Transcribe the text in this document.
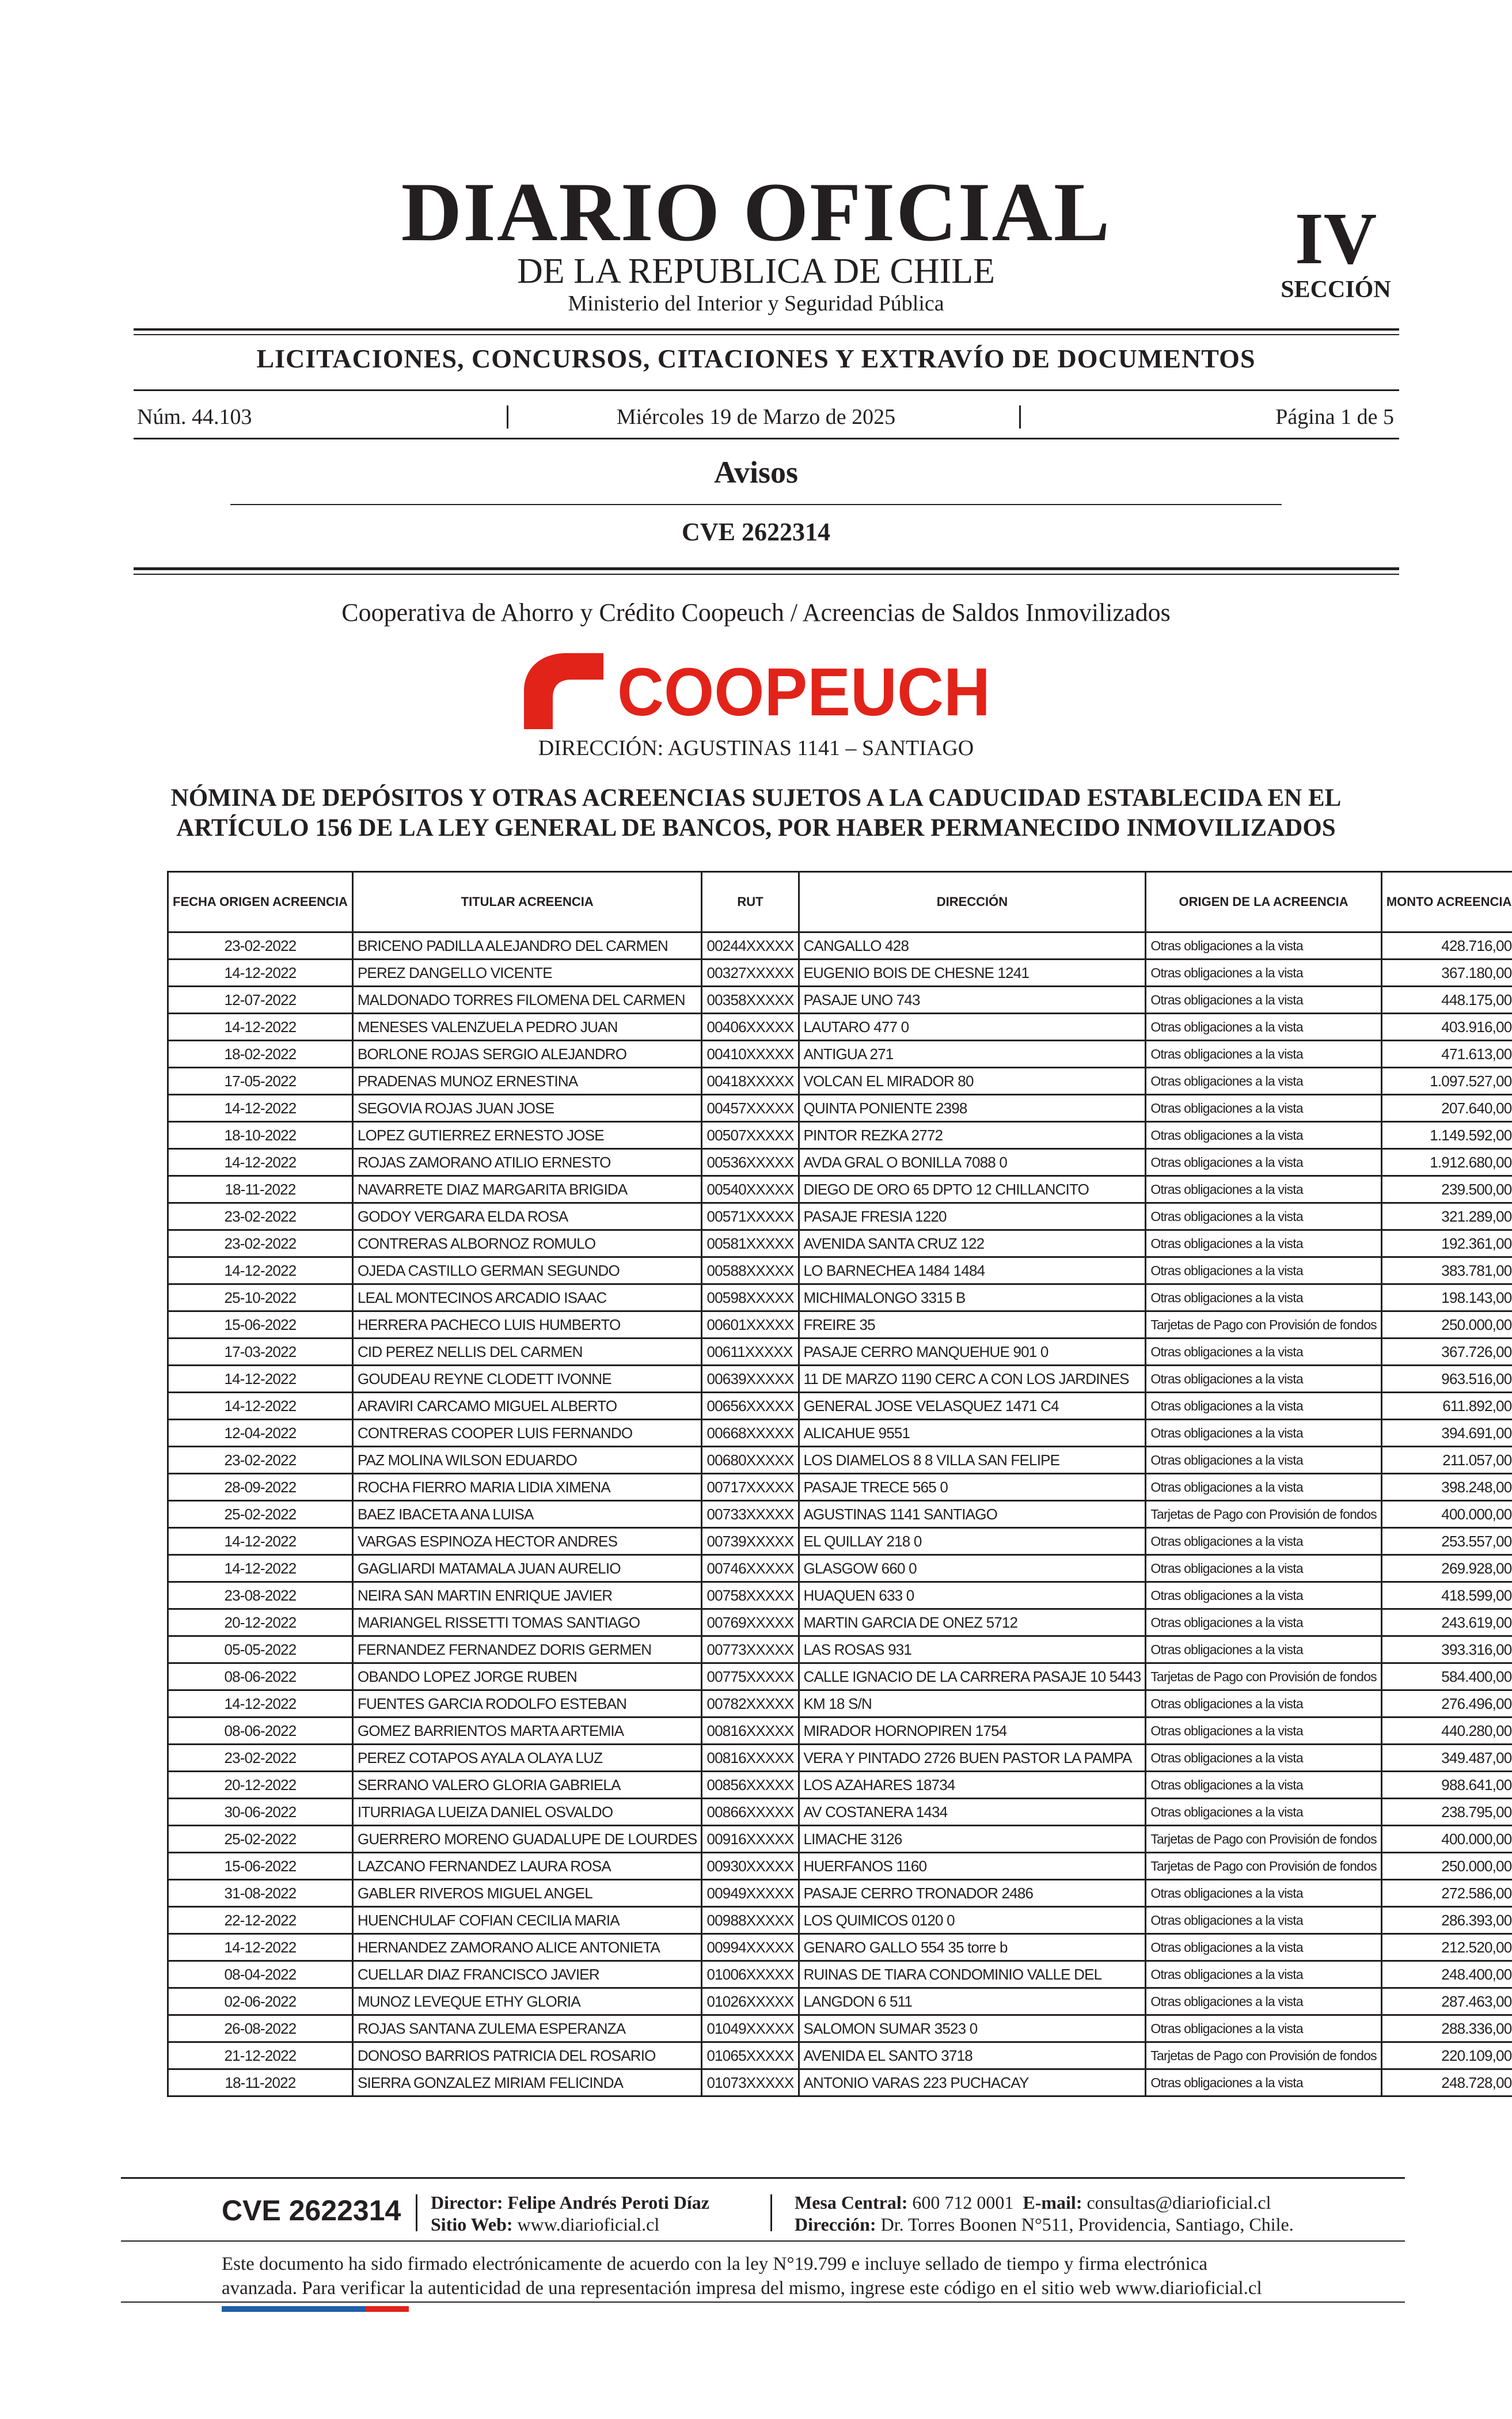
DIARIO OFICIAL
DE LA REPUBLICA DE CHILE
Ministerio del Interior y Seguridad Pública
IV
SECCIÓN
LICITACIONES, CONCURSOS, CITACIONES Y EXTRAVÍO DE DOCUMENTOS
Núm. 44.103	Miércoles 19 de Marzo de 2025	Página 1 de 5
Avisos
CVE 2622314
Cooperativa de Ahorro y Crédito Coopeuch / Acreencias de Saldos Inmovilizados
COOPEUCH
DIRECCIÓN: AGUSTINAS 1141 – SANTIAGO
NÓMINA DE DEPÓSITOS Y OTRAS ACREENCIAS SUJETOS A LA CADUCIDAD ESTABLECIDA EN EL
ARTÍCULO 156 DE LA LEY GENERAL DE BANCOS, POR HABER PERMANECIDO INMOVILIZADOS
FECHA ORIGEN ACREENCIA	TITULAR ACREENCIA	RUT	DIRECCIÓN	ORIGEN DE LA ACREENCIA	MONTO ACREENCIA
23-02-2022	BRICENO PADILLA ALEJANDRO DEL CARMEN	00244XXXXX	CANGALLO 428	Otras obligaciones a la vista	428.716,00
14-12-2022	PEREZ DANGELLO VICENTE	00327XXXXX	EUGENIO BOIS DE CHESNE 1241	Otras obligaciones a la vista	367.180,00
12-07-2022	MALDONADO TORRES FILOMENA DEL CARMEN	00358XXXXX	PASAJE UNO 743	Otras obligaciones a la vista	448.175,00
14-12-2022	MENESES VALENZUELA PEDRO JUAN	00406XXXXX	LAUTARO 477 0	Otras obligaciones a la vista	403.916,00
18-02-2022	BORLONE ROJAS SERGIO ALEJANDRO	00410XXXXX	ANTIGUA 271	Otras obligaciones a la vista	471.613,00
17-05-2022	PRADENAS MUNOZ ERNESTINA	00418XXXXX	VOLCAN EL MIRADOR 80	Otras obligaciones a la vista	1.097.527,00
14-12-2022	SEGOVIA ROJAS JUAN JOSE	00457XXXXX	QUINTA PONIENTE 2398	Otras obligaciones a la vista	207.640,00
18-10-2022	LOPEZ GUTIERREZ ERNESTO JOSE	00507XXXXX	PINTOR REZKA 2772	Otras obligaciones a la vista	1.149.592,00
14-12-2022	ROJAS ZAMORANO ATILIO ERNESTO	00536XXXXX	AVDA GRAL O BONILLA 7088 0	Otras obligaciones a la vista	1.912.680,00
18-11-2022	NAVARRETE DIAZ MARGARITA BRIGIDA	00540XXXXX	DIEGO DE ORO 65 DPTO 12 CHILLANCITO	Otras obligaciones a la vista	239.500,00
23-02-2022	GODOY VERGARA ELDA ROSA	00571XXXXX	PASAJE FRESIA 1220	Otras obligaciones a la vista	321.289,00
23-02-2022	CONTRERAS ALBORNOZ ROMULO	00581XXXXX	AVENIDA SANTA CRUZ 122	Otras obligaciones a la vista	192.361,00
14-12-2022	OJEDA CASTILLO GERMAN SEGUNDO	00588XXXXX	LO BARNECHEA 1484 1484	Otras obligaciones a la vista	383.781,00
25-10-2022	LEAL MONTECINOS ARCADIO ISAAC	00598XXXXX	MICHIMALONGO 3315 B	Otras obligaciones a la vista	198.143,00
15-06-2022	HERRERA PACHECO LUIS HUMBERTO	00601XXXXX	FREIRE 35	Tarjetas de Pago con Provisión de fondos	250.000,00
17-03-2022	CID PEREZ NELLIS DEL CARMEN	00611XXXXX	PASAJE CERRO MANQUEHUE 901 0	Otras obligaciones a la vista	367.726,00
14-12-2022	GOUDEAU REYNE CLODETT IVONNE	00639XXXXX	11 DE MARZO 1190 CERC A CON LOS JARDINES	Otras obligaciones a la vista	963.516,00
14-12-2022	ARAVIRI CARCAMO MIGUEL ALBERTO	00656XXXXX	GENERAL JOSE VELASQUEZ 1471 C4	Otras obligaciones a la vista	611.892,00
12-04-2022	CONTRERAS COOPER LUIS FERNANDO	00668XXXXX	ALICAHUE 9551	Otras obligaciones a la vista	394.691,00
23-02-2022	PAZ MOLINA WILSON EDUARDO	00680XXXXX	LOS DIAMELOS 8 8 VILLA SAN FELIPE	Otras obligaciones a la vista	211.057,00
28-09-2022	ROCHA FIERRO MARIA LIDIA XIMENA	00717XXXXX	PASAJE TRECE 565 0	Otras obligaciones a la vista	398.248,00
25-02-2022	BAEZ IBACETA ANA LUISA	00733XXXXX	AGUSTINAS 1141 SANTIAGO	Tarjetas de Pago con Provisión de fondos	400.000,00
14-12-2022	VARGAS ESPINOZA HECTOR ANDRES	00739XXXXX	EL QUILLAY 218 0	Otras obligaciones a la vista	253.557,00
14-12-2022	GAGLIARDI MATAMALA JUAN AURELIO	00746XXXXX	GLASGOW 660 0	Otras obligaciones a la vista	269.928,00
23-08-2022	NEIRA SAN MARTIN ENRIQUE JAVIER	00758XXXXX	HUAQUEN 633 0	Otras obligaciones a la vista	418.599,00
20-12-2022	MARIANGEL RISSETTI TOMAS SANTIAGO	00769XXXXX	MARTIN GARCIA DE ONEZ 5712	Otras obligaciones a la vista	243.619,00
05-05-2022	FERNANDEZ FERNANDEZ DORIS GERMEN	00773XXXXX	LAS ROSAS 931	Otras obligaciones a la vista	393.316,00
08-06-2022	OBANDO LOPEZ JORGE RUBEN	00775XXXXX	CALLE IGNACIO DE LA CARRERA PASAJE 10 5443	Tarjetas de Pago con Provisión de fondos	584.400,00
14-12-2022	FUENTES GARCIA RODOLFO ESTEBAN	00782XXXXX	KM 18 S/N	Otras obligaciones a la vista	276.496,00
08-06-2022	GOMEZ BARRIENTOS MARTA ARTEMIA	00816XXXXX	MIRADOR HORNOPIREN 1754	Otras obligaciones a la vista	440.280,00
23-02-2022	PEREZ COTAPOS AYALA OLAYA LUZ	00816XXXXX	VERA Y PINTADO 2726 BUEN PASTOR LA PAMPA	Otras obligaciones a la vista	349.487,00
20-12-2022	SERRANO VALERO GLORIA GABRIELA	00856XXXXX	LOS AZAHARES 18734	Otras obligaciones a la vista	988.641,00
30-06-2022	ITURRIAGA LUEIZA DANIEL OSVALDO	00866XXXXX	AV COSTANERA 1434	Otras obligaciones a la vista	238.795,00
25-02-2022	GUERRERO MORENO GUADALUPE DE LOURDES	00916XXXXX	LIMACHE 3126	Tarjetas de Pago con Provisión de fondos	400.000,00
15-06-2022	LAZCANO FERNANDEZ LAURA ROSA	00930XXXXX	HUERFANOS 1160	Tarjetas de Pago con Provisión de fondos	250.000,00
31-08-2022	GABLER RIVEROS MIGUEL ANGEL	00949XXXXX	PASAJE CERRO TRONADOR 2486	Otras obligaciones a la vista	272.586,00
22-12-2022	HUENCHULAF COFIAN CECILIA MARIA	00988XXXXX	LOS QUIMICOS 0120 0	Otras obligaciones a la vista	286.393,00
14-12-2022	HERNANDEZ ZAMORANO ALICE ANTONIETA	00994XXXXX	GENARO GALLO 554 35 torre b	Otras obligaciones a la vista	212.520,00
08-04-2022	CUELLAR DIAZ FRANCISCO JAVIER	01006XXXXX	RUINAS DE TIARA CONDOMINIO VALLE DEL	Otras obligaciones a la vista	248.400,00
02-06-2022	MUNOZ LEVEQUE ETHY GLORIA	01026XXXXX	LANGDON 6 511	Otras obligaciones a la vista	287.463,00
26-08-2022	ROJAS SANTANA ZULEMA ESPERANZA	01049XXXXX	SALOMON SUMAR 3523 0	Otras obligaciones a la vista	288.336,00
21-12-2022	DONOSO BARRIOS PATRICIA DEL ROSARIO	01065XXXXX	AVENIDA EL SANTO 3718	Tarjetas de Pago con Provisión de fondos	220.109,00
18-11-2022	SIERRA GONZALEZ MIRIAM FELICINDA	01073XXXXX	ANTONIO VARAS 223 PUCHACAY	Otras obligaciones a la vista	248.728,00
CVE 2622314 Director: Felipe Andrés Peroti Díaz
Sitio Web: www.diarioficial.cl
Mesa Central: 600 712 0001 E-mail: consultas@diarioficial.cl
Dirección: Dr. Torres Boonen N°511, Providencia, Santiago, Chile.
Este documento ha sido firmado electrónicamente de acuerdo con la ley N°19.799 e incluye sellado de tiempo y firma electrónica
avanzada. Para verificar la autenticidad de una representación impresa del mismo, ingrese este código en el sitio web www.diarioficial.cl
